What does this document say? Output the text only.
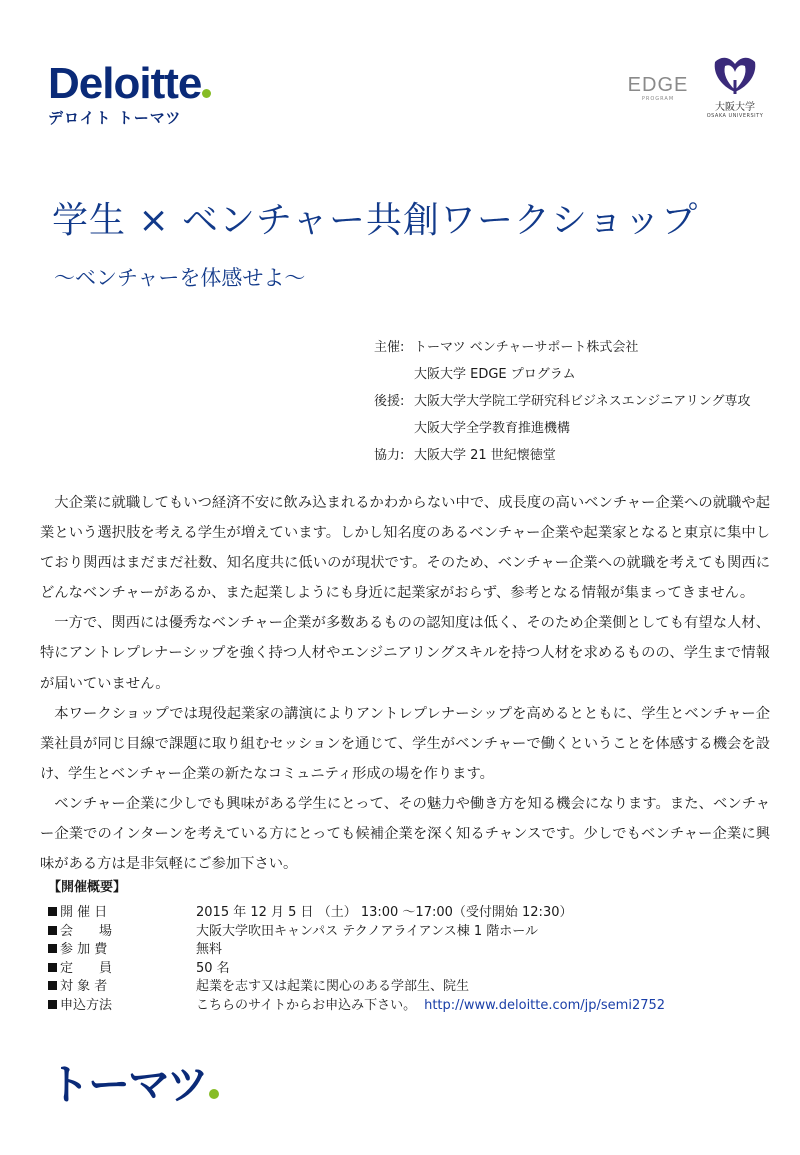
Deloitte
デロイト トーマツ
EDGE
PROGRAM
大阪大学
OSAKA UNIVERSITY
学生 × ベンチャー共創ワークショップ
～ベンチャーを体感せよ～
主催: トーマツ ベンチャーサポート株式会社
大阪大学 EDGE プログラム
後援: 大阪大学大学院工学研究科ビジネスエンジニアリング専攻
大阪大学全学教育推進機構
協力: 大阪大学 21 世紀懐徳堂

大企業に就職してもいつ経済不安に飲み込まれるかわからない中で、成長度の高いベンチャー企業への就職や起業という選択肢を考える学生が増えています。しかし知名度のあるベンチャー企業や起業家となると東京に集中しており関西はまだまだ社数、知名度共に低いのが現状です。そのため、ベンチャー企業への就職を考えても関西にどんなベンチャーがあるか、また起業しようにも身近に起業家がおらず、参考となる情報が集まってきません。

一方で、関西には優秀なベンチャー企業が多数あるものの認知度は低く、そのため企業側としても有望な人材、特にアントレプレナーシップを強く持つ人材やエンジニアリングスキルを持つ人材を求めるものの、学生まで情報が届いていません。

本ワークショップでは現役起業家の講演によりアントレプレナーシップを高めるとともに、学生とベンチャー企業社員が同じ目線で課題に取り組むセッションを通じて、学生がベンチャーで働くということを体感する機会を設け、学生とベンチャー企業の新たなコミュニティ形成の場を作ります。

ベンチャー企業に少しでも興味がある学生にとって、その魅力や働き方を知る機会になります。また、ベンチャー企業でのインターンを考えている方にとっても候補企業を深く知るチャンスです。少しでもベンチャー企業に興味がある方は是非気軽にご参加下さい。

【開催概要】
開 催 日	2015 年 12 月 5 日 （土） 13:00 ～17:00（受付開始 12:30）
会　　場	大阪大学吹田キャンパス テクノアライアンス棟 1 階ホール
参 加 費	無料
定　　員	50 名
対 象 者	起業を志す又は起業に関心のある学部生、院生
申込方法	こちらのサイトからお申込み下さい。 http://www.deloitte.com/jp/semi2752
トーマツ
